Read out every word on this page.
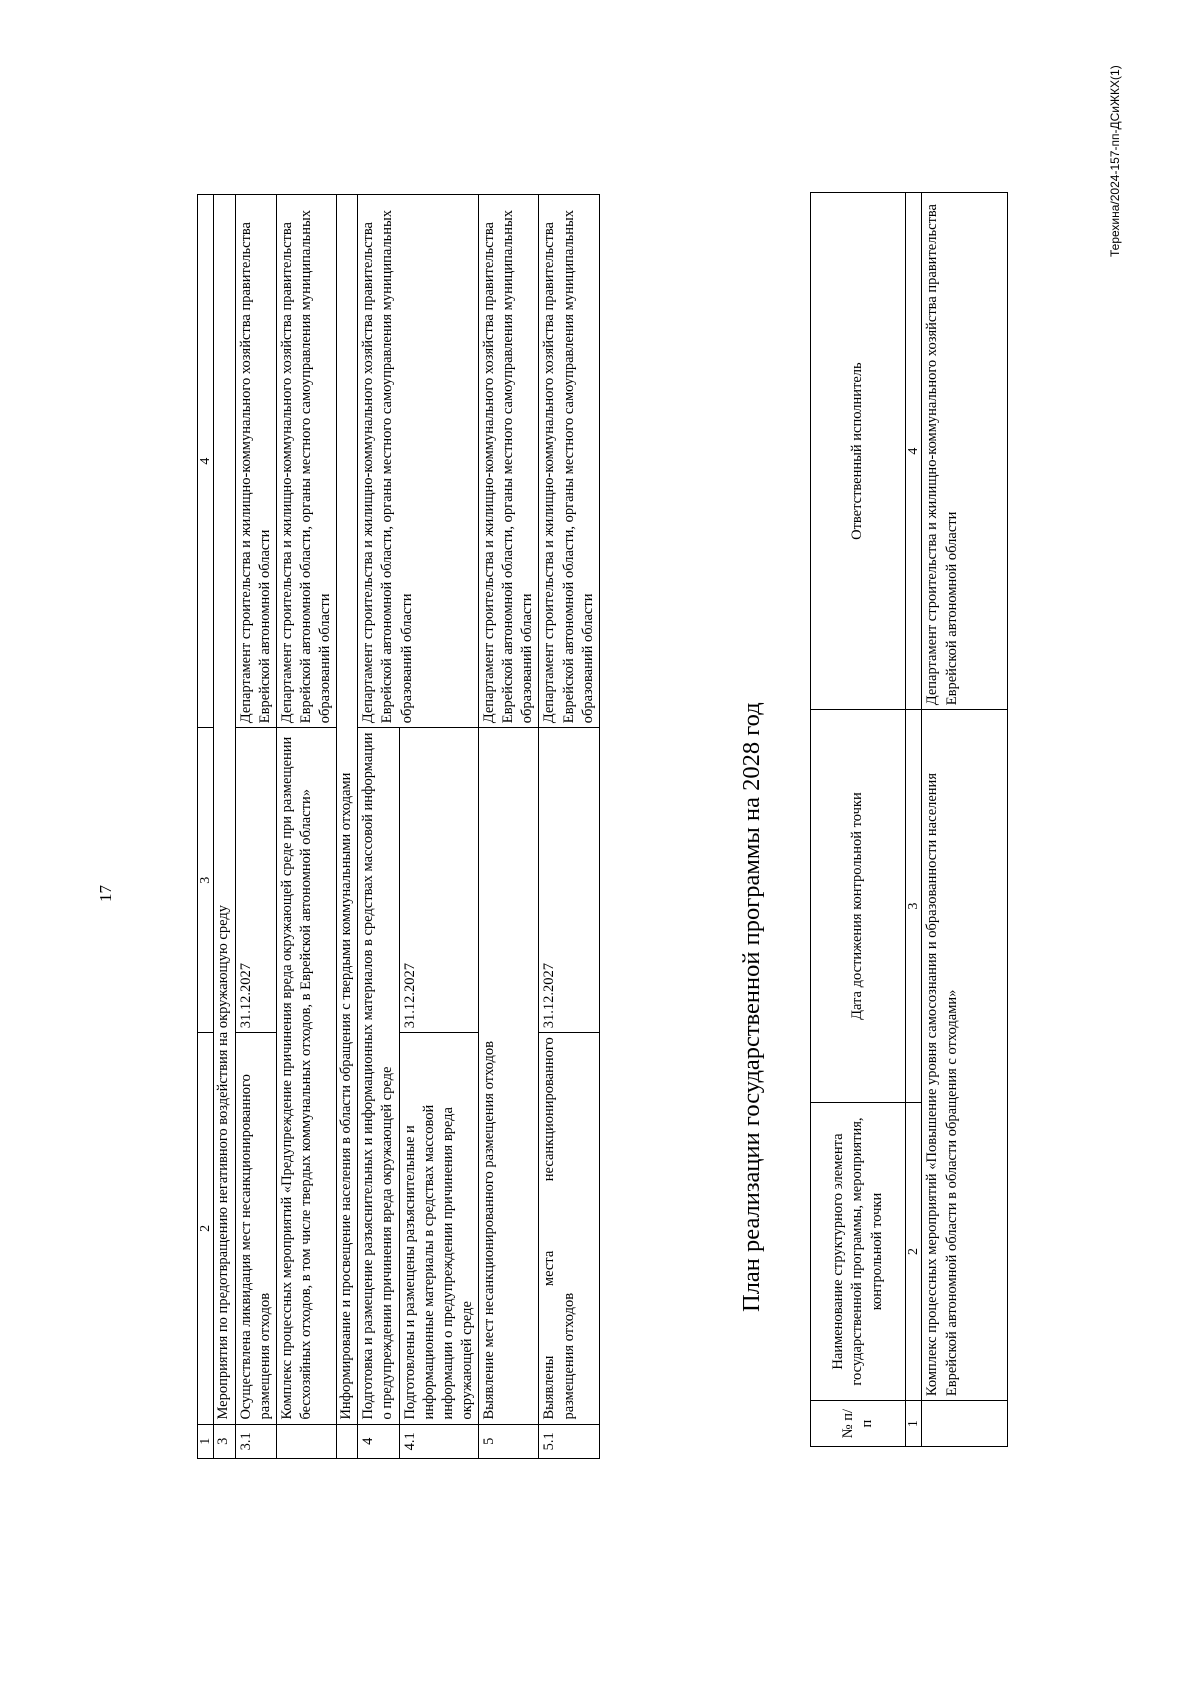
17
1	2	3	4
3	Мероприятия по предотвращению негативного воздействия на окружающую среду		
3.1	Осуществлена ликвидация мест несанкционированного размещения отходов	31.12.2027	Департамент строительства и жилищно-коммунального хозяйства правительства Еврейской автономной области
	Комплекс процессных мероприятий «Предупреждение причинения вреда окружающей среде при размещении бесхозяйных отходов, в том числе твердых коммунальных отходов, в Еврейской автономной области»		Департамент строительства и жилищно-коммунального хозяйства правительства Еврейской автономной области, органы местного самоуправления муниципальных образований области
	Информирование и просвещение населения в области обращения с твердыми коммунальными отходами		
4	Подготовка и размещение разъяснительных и информационных материалов в средствах массовой информации о предупреждении причинения вреда окружающей среде		Департамент строительства и жилищно-коммунального хозяйства правительства Еврейской автономной области, органы местного самоуправления муниципальных образований области
4.1	Подготовлены и размещены разъяснительные и информационные материалы в средствах массовой информации о предупреждении причинения вреда окружающей среде	31.12.2027	
5	Выявление мест несанкционированного размещения отходов		Департамент строительства и жилищно-коммунального хозяйства правительства Еврейской автономной области, органы местного самоуправления муниципальных образований области
5.1	Выявлены места несанкционированного размещения отходов	31.12.2027	Департамент строительства и жилищно-коммунального хозяйства правительства Еврейской автономной области, органы местного самоуправления муниципальных образований области
План реализации государственной программы на 2028 год
№ п/п	Наименование структурного элемента государственной программы, мероприятия, контрольной точки	Дата достижения контрольной точки	Ответственный исполнитель
1	2	3	4
	Комплекс процессных мероприятий «Повышение уровня самосознания и образованности населения Еврейской автономной области в области обращения с отходами»		Департамент строительства и жилищно-коммунального хозяйства правительства Еврейской автономной области
Терехина/2024-157-пп-ДСиЖКХ(1)
